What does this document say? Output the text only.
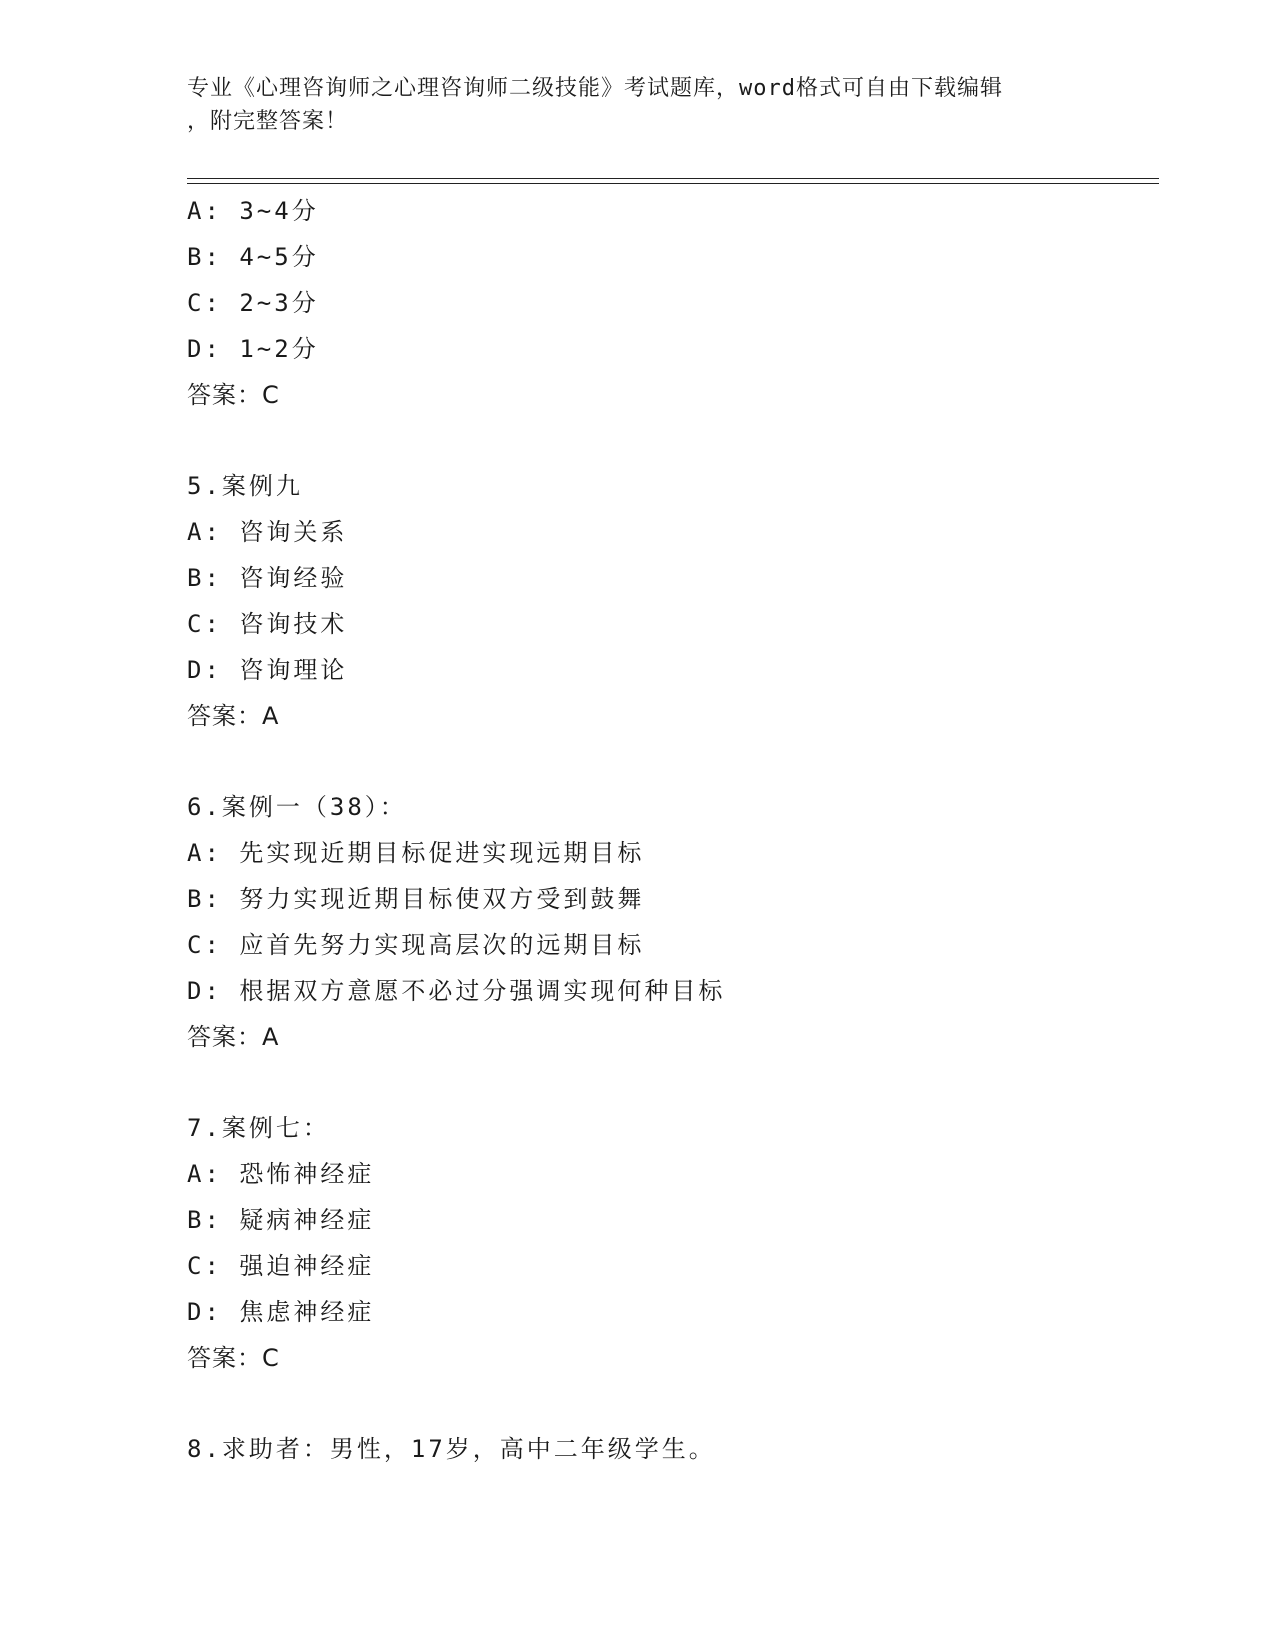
专业《心理咨询师之心理咨询师二级技能》考试题库，word格式可自由下载编辑
，附完整答案！
A: 3~4分
B: 4~5分
C: 2~3分
D: 1~2分
答案：C
5.案例九
A: 咨询关系
B: 咨询经验
C: 咨询技术
D: 咨询理论
答案：A
6.案例一（38）：
A: 先实现近期目标促进实现远期目标
B: 努力实现近期目标使双方受到鼓舞
C: 应首先努力实现高层次的远期目标
D: 根据双方意愿不必过分强调实现何种目标
答案：A
7.案例七：
A: 恐怖神经症
B: 疑病神经症
C: 强迫神经症
D: 焦虑神经症
答案：C
8.求助者：男性，17岁，高中二年级学生。
